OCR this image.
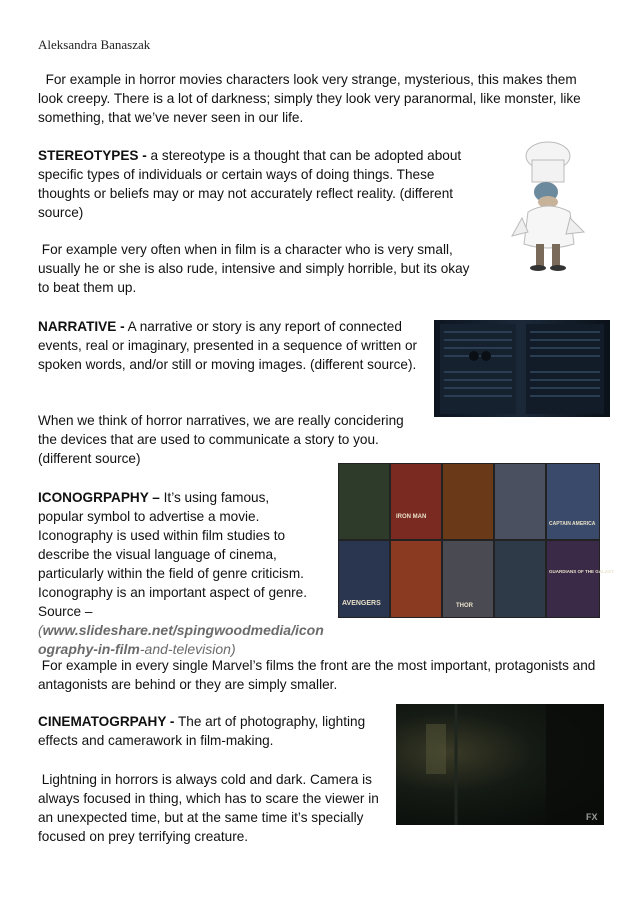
Aleksandra Banaszak

For example in horror movies characters look very strange, mysterious, this makes them look creepy. There is a lot of darkness; simply they look very paranormal, like monster, like something, that we’ve never seen in our life.

STEREOTYPES - a stereotype is a thought that can be adopted about specific types of individuals or certain ways of doing things. These thoughts or beliefs may or may not accurately reflect reality. (different source)

For example very often when in film is a character who is very small, usually he or she is also rude, intensive and simply horrible, but its okay to beat them up.

NARRATIVE - A narrative or story is any report of connected events, real or imaginary, presented in a sequence of written or spoken words, and/or still or moving images. (different source).

When we think of horror narratives, we are really concidering the devices that are used to communicate a story to you. (different source)

ICONOGRPAPHY – It’s using famous, popular symbol to advertise a movie. Iconography is used within film studies to describe the visual language of cinema, particularly within the field of genre criticism. Iconography is an important aspect of genre. Source –
(www.slideshare.net/spingwoodmedia/icon ography-in-film-and-television)

IRON MAN
CAPTAIN AMERICA
AVENGERS	THOR
GUARDIANS OF THE GALAXY

For example in every single Marvel’s films the front are the most important, protagonists and antagonists are behind or they are simply smaller.

CINEMATOGRPAHY - The art of photography, lighting effects and camerawork in film-making.

FX

Lightning in horrors is always cold and dark. Camera is always focused in thing, which has to scare the viewer in an unexpected time, but at the same time it’s specially focused on prey terrifying creature.
